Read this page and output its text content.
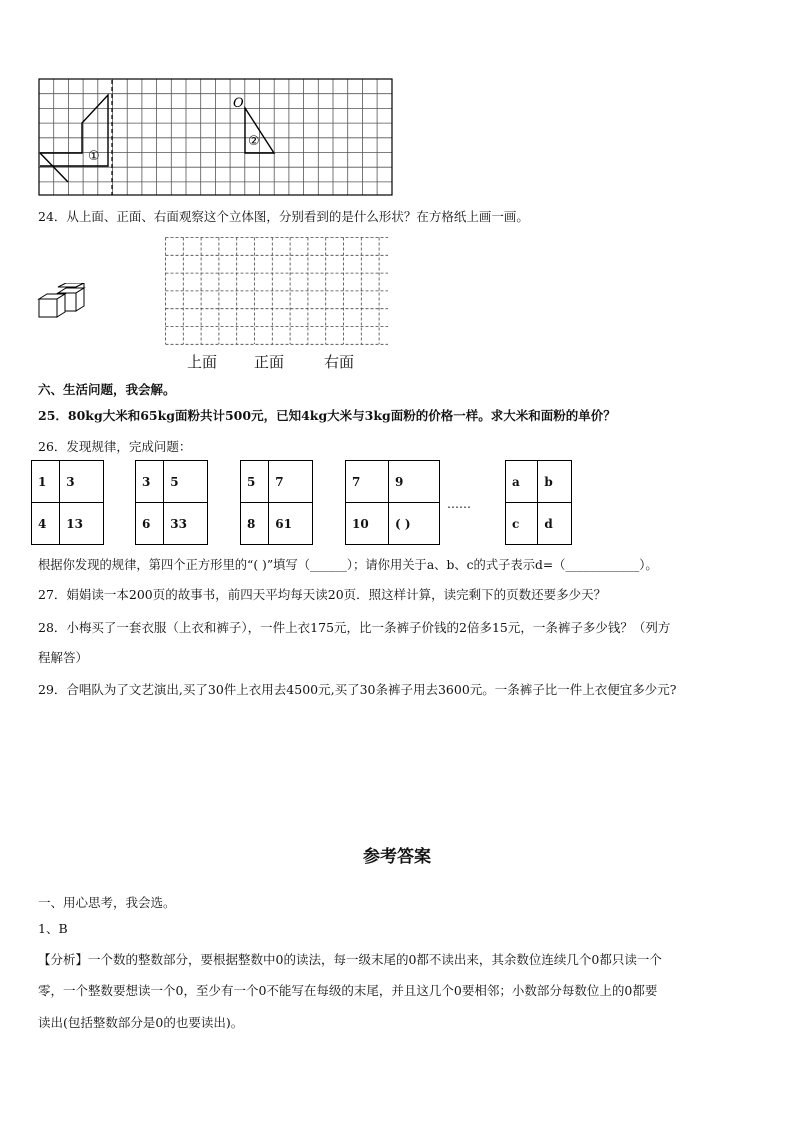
①
②
O
24．从上面、正面、右面观察这个立体图，分别看到的是什么形状？在方格纸上画一画。
上面 正面	右面
六、生活问题，我会解。
25．80kg大米和65kg面粉共计500元，已知4kg大米与3kg面粉的价格一样。求大米和面粉的单价？
26．发现规律，完成问题：
1	3
4	13
3	5
6	33
5	7
8	61
7	9
10	( )
……
a	b
c	d
根据你发现的规律，第四个正方形里的“( )”填写（______）；请你用关于a、b、c的式子表示d=（____________）。
27．娟娟读一本200页的故事书，前四天平均每天读20页．照这样计算，读完剩下的页数还要多少天？
28．小梅买了一套衣服（上衣和裤子），一件上衣175元，比一条裤子价钱的2倍多15元，一条裤子多少钱？（列方
程解答）
29．合唱队为了文艺演出,买了30件上衣用去4500元,买了30条裤子用去3600元。一条裤子比一件上衣便宜多少元?
参考答案
一、用心思考，我会选。
1、B
【分析】一个数的整数部分，要根据整数中0的读法，每一级末尾的0都不读出来，其余数位连续几个0都只读一个
零，一个整数要想读一个0，至少有一个0不能写在每级的末尾，并且这几个0要相邻；小数部分每数位上的0都要
读出(包括整数部分是0的也要读出)。
